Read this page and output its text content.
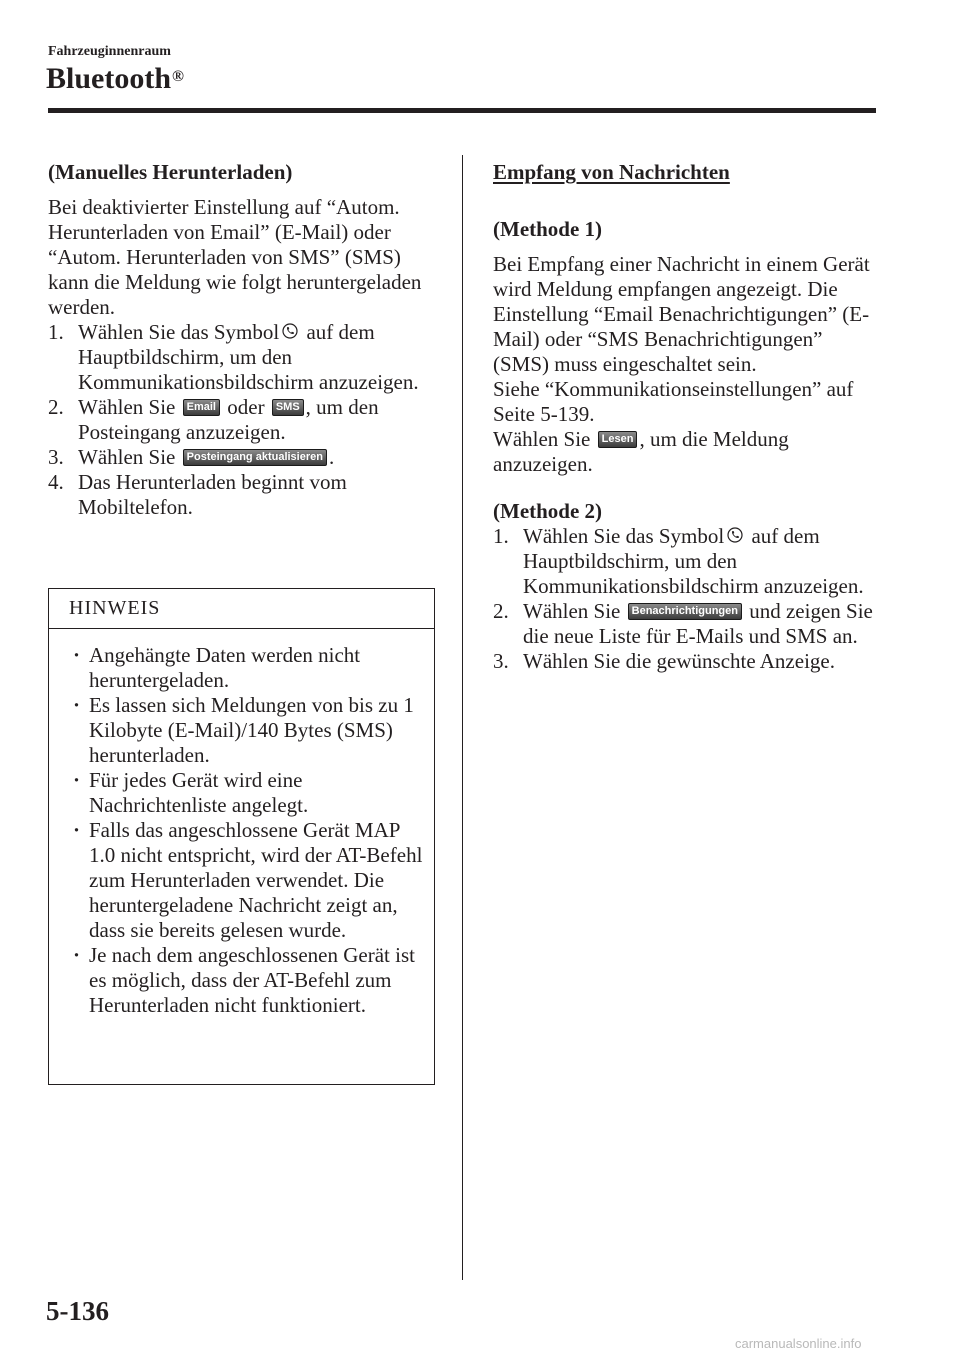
Fahrzeuginnenraum
Bluetooth®

(Manuelles Herunterladen)

Bei deaktivierter Einstellung auf “Autom. Herunterladen von Email” (E-Mail) oder “Autom. Herunterladen von SMS” (SMS) kann die Meldung wie folgt heruntergeladen werden.

1. Wählen Sie das Symbol auf dem Hauptbildschirm, um den Kommunikationsbildschirm anzuzeigen.
2. Wählen Sie Email oder SMS , um den Posteingang anzuzeigen.
3. Wählen Sie Posteingang aktualisieren .
4. Das Herunterladen beginnt vom Mobiltelefon.
HINWEIS
· Angehängte Daten werden nicht heruntergeladen.
· Es lassen sich Meldungen von bis zu 1 Kilobyte (E-Mail)/140 Bytes (SMS) herunterladen.
· Für jedes Gerät wird eine Nachrichtenliste angelegt.
· Falls das angeschlossene Gerät MAP 1.0 nicht entspricht, wird der AT-Befehl zum Herunterladen verwendet. Die heruntergeladene Nachricht zeigt an, dass sie bereits gelesen wurde.
· Je nach dem angeschlossenen Gerät ist es möglich, dass der AT-Befehl zum Herunterladen nicht funktioniert.

Empfang von Nachrichten

(Methode 1)

Bei Empfang einer Nachricht in einem Gerät wird Meldung empfangen angezeigt. Die Einstellung “Email Benachrichtigungen” (E-Mail) oder “SMS Benachrichtigungen” (SMS) muss eingeschaltet sein.

Siehe “Kommunikationseinstellungen” auf Seite 5-139.

Wählen Sie Lesen , um die Meldung anzuzeigen.

(Methode 2)

1. Wählen Sie das Symbol auf dem Hauptbildschirm, um den Kommunikationsbildschirm anzuzeigen.
2. Wählen Sie Benachrichtigungen und zeigen Sie die neue Liste für E-Mails und SMS an.
3. Wählen Sie die gewünschte Anzeige.
5-136
carmanualsonline.info
